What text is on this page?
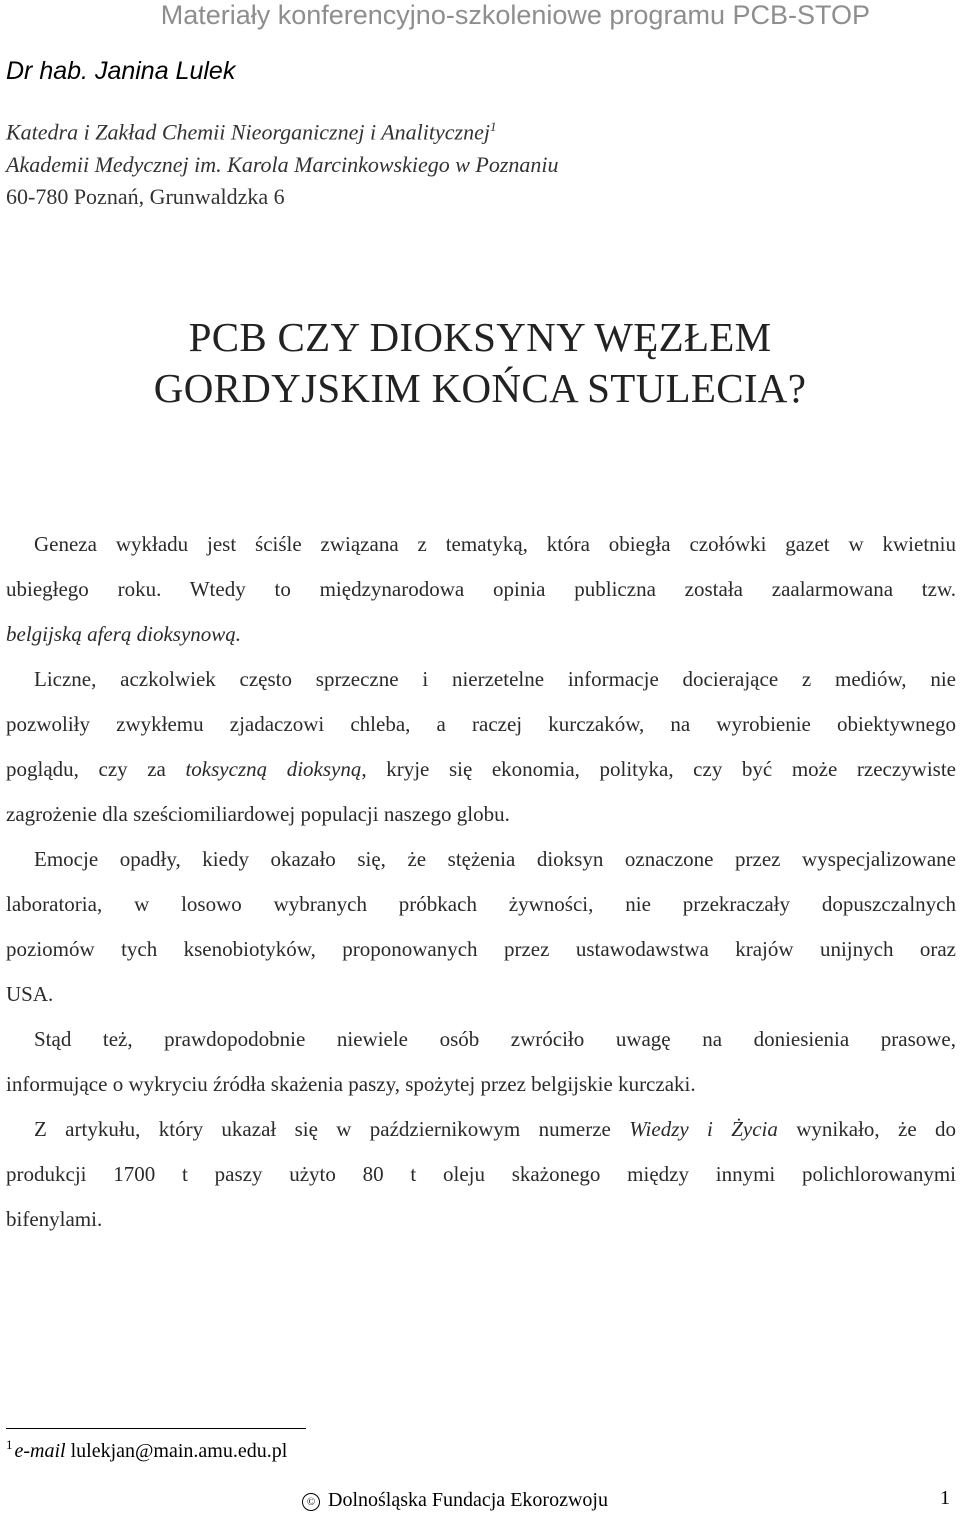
Materiały konferencyjno-szkoleniowe programu PCB-STOP
Dr hab. Janina Lulek
Katedra i Zakład Chemii Nieorganicznej i Analitycznej$^1$
Akademii Medycznej im. Karola Marcinkowskiego w Poznaniu
60-780 Poznań, Grunwaldzka 6
PCB CZY DIOKSYNY WĘZŁEM
GORDYJSKIM KOŃCA STULECIA?
Geneza wykładu jest ściśle związana z tematyką, która obiegła czołówki gazet w kwietniu
ubiegłego roku. Wtedy to międzynarodowa opinia publiczna została zaalarmowana tzw.
belgijską aferą dioksynową.
Liczne, aczkolwiek często sprzeczne i nierzetelne informacje docierające z mediów, nie
pozwoliły zwykłemu zjadaczowi chleba, a raczej kurczaków, na wyrobienie obiektywnego
poglądu, czy za toksyczną dioksyną, kryje się ekonomia, polityka, czy być może rzeczywiste
zagrożenie dla sześciomiliardowej populacji naszego globu.
Emocje opadły, kiedy okazało się, że stężenia dioksyn oznaczone przez wyspecjalizowane
laboratoria, w losowo wybranych próbkach żywności, nie przekraczały dopuszczalnych
poziomów tych ksenobiotyków, proponowanych przez ustawodawstwa krajów unijnych oraz
USA.
Stąd też, prawdopodobnie niewiele osób zwróciło uwagę na doniesienia prasowe,
informujące o wykryciu źródła skażenia paszy, spożytej przez belgijskie kurczaki.
Z artykułu, który ukazał się w październikowym numerze Wiedzy i Życia wynikało, że do
produkcji 1700 t paszy użyto 80 t oleju skażonego między innymi polichlorowanymi
bifenylami.
$^1$ e-mail lulekjan@main.amu.edu.pl
© Dolnośląska Fundacja Ekorozwoju	1
